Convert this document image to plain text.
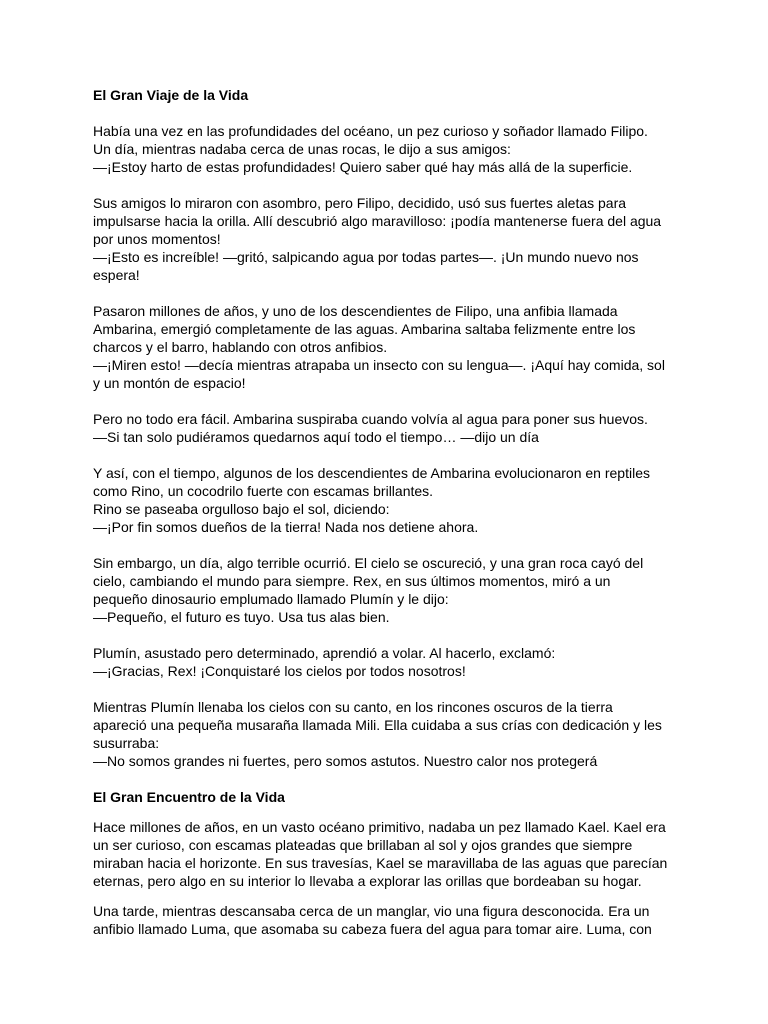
El Gran Viaje de la Vida

Había una vez en las profundidades del océano, un pez curioso y soñador llamado Filipo.
Un día, mientras nadaba cerca de unas rocas, le dijo a sus amigos:
—¡Estoy harto de estas profundidades! Quiero saber qué hay más allá de la superficie.

Sus amigos lo miraron con asombro, pero Filipo, decidido, usó sus fuertes aletas para
impulsarse hacia la orilla. Allí descubrió algo maravilloso: ¡podía mantenerse fuera del agua
por unos momentos!
—¡Esto es increíble! —gritó, salpicando agua por todas partes—. ¡Un mundo nuevo nos
espera!

Pasaron millones de años, y uno de los descendientes de Filipo, una anfibia llamada
Ambarina, emergió completamente de las aguas. Ambarina saltaba felizmente entre los
charcos y el barro, hablando con otros anfibios.
—¡Miren esto! —decía mientras atrapaba un insecto con su lengua—. ¡Aquí hay comida, sol
y un montón de espacio!

Pero no todo era fácil. Ambarina suspiraba cuando volvía al agua para poner sus huevos.
—Si tan solo pudiéramos quedarnos aquí todo el tiempo… —dijo un día

Y así, con el tiempo, algunos de los descendientes de Ambarina evolucionaron en reptiles
como Rino, un cocodrilo fuerte con escamas brillantes.
Rino se paseaba orgulloso bajo el sol, diciendo:
—¡Por fin somos dueños de la tierra! Nada nos detiene ahora.

Sin embargo, un día, algo terrible ocurrió. El cielo se oscureció, y una gran roca cayó del
cielo, cambiando el mundo para siempre. Rex, en sus últimos momentos, miró a un
pequeño dinosaurio emplumado llamado Plumín y le dijo:
—Pequeño, el futuro es tuyo. Usa tus alas bien.

Plumín, asustado pero determinado, aprendió a volar. Al hacerlo, exclamó:
—¡Gracias, Rex! ¡Conquistaré los cielos por todos nosotros!

Mientras Plumín llenaba los cielos con su canto, en los rincones oscuros de la tierra
apareció una pequeña musaraña llamada Mili. Ella cuidaba a sus crías con dedicación y les
susurraba:
—No somos grandes ni fuertes, pero somos astutos. Nuestro calor nos protegerá

El Gran Encuentro de la Vida

Hace millones de años, en un vasto océano primitivo, nadaba un pez llamado Kael. Kael era
un ser curioso, con escamas plateadas que brillaban al sol y ojos grandes que siempre
miraban hacia el horizonte. En sus travesías, Kael se maravillaba de las aguas que parecían
eternas, pero algo en su interior lo llevaba a explorar las orillas que bordeaban su hogar.

Una tarde, mientras descansaba cerca de un manglar, vio una figura desconocida. Era un
anfibio llamado Luma, que asomaba su cabeza fuera del agua para tomar aire. Luma, con
